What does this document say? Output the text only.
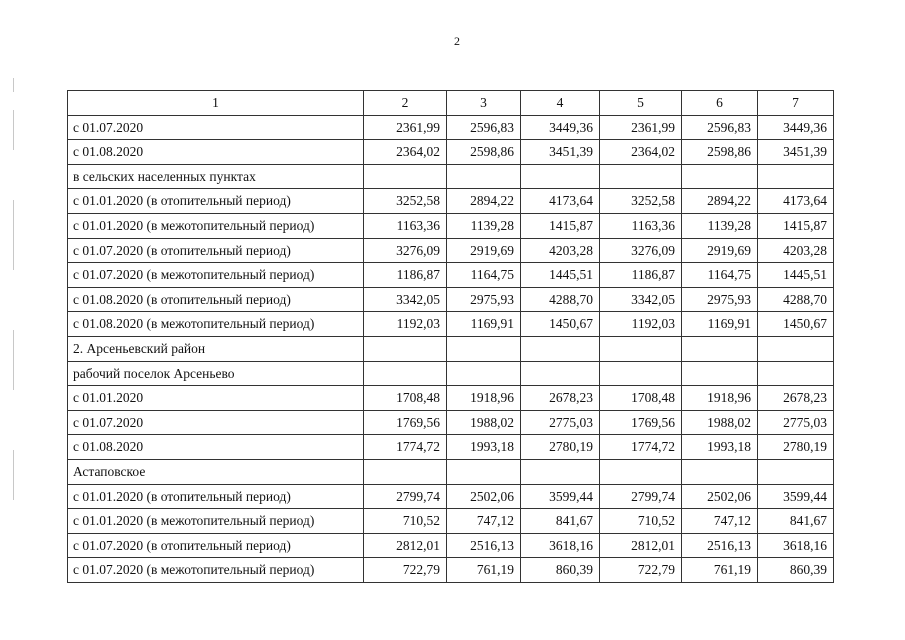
2
1	2	3	4	5	6	7
с 01.07.2020	2361,99	2596,83	3449,36	2361,99	2596,83	3449,36
с 01.08.2020	2364,02	2598,86	3451,39	2364,02	2598,86	3451,39
в сельских населенных пунктах						
с 01.01.2020 (в отопительный период)	3252,58	2894,22	4173,64	3252,58	2894,22	4173,64
с 01.01.2020 (в межотопительный период)	1163,36	1139,28	1415,87	1163,36	1139,28	1415,87
с 01.07.2020 (в отопительный период)	3276,09	2919,69	4203,28	3276,09	2919,69	4203,28
с 01.07.2020 (в межотопительный период)	1186,87	1164,75	1445,51	1186,87	1164,75	1445,51
с 01.08.2020 (в отопительный период)	3342,05	2975,93	4288,70	3342,05	2975,93	4288,70
с 01.08.2020 (в межотопительный период)	1192,03	1169,91	1450,67	1192,03	1169,91	1450,67
2. Арсеньевский район						
рабочий поселок Арсеньево						
с 01.01.2020	1708,48	1918,96	2678,23	1708,48	1918,96	2678,23
с 01.07.2020	1769,56	1988,02	2775,03	1769,56	1988,02	2775,03
с 01.08.2020	1774,72	1993,18	2780,19	1774,72	1993,18	2780,19
Астаповское						
с 01.01.2020 (в отопительный период)	2799,74	2502,06	3599,44	2799,74	2502,06	3599,44
с 01.01.2020 (в межотопительный период)	710,52	747,12	841,67	710,52	747,12	841,67
с 01.07.2020 (в отопительный период)	2812,01	2516,13	3618,16	2812,01	2516,13	3618,16
с 01.07.2020 (в межотопительный период)	722,79	761,19	860,39	722,79	761,19	860,39
